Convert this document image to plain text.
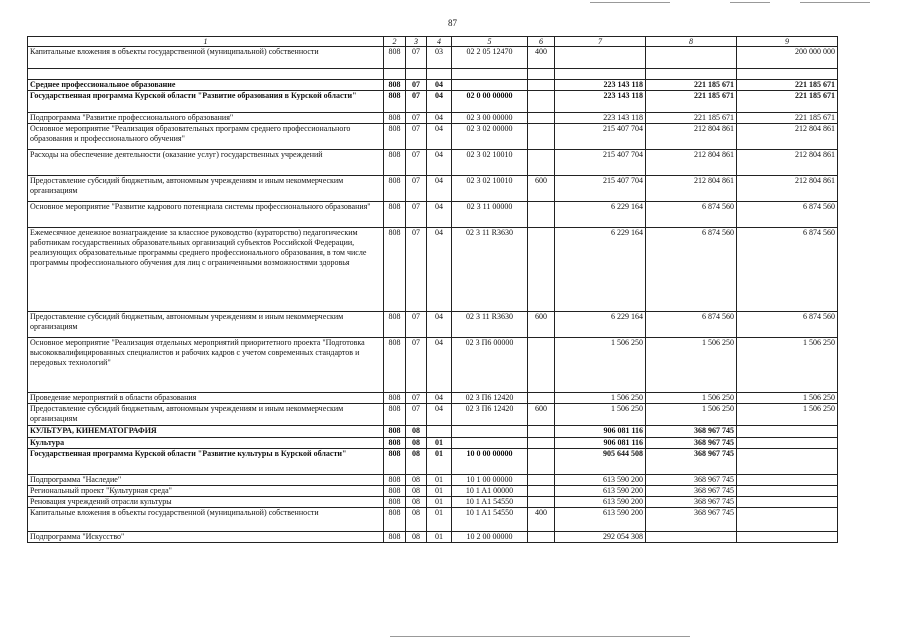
87
1	2	3	4	5	6	7	8	9
Капитальные вложения в объекты государственной (муниципальной) собственности	808	07	03	02 2 05 12470	400			200 000 000

Среднее профессиональное образование	808	07	04			223 143 118	221 185 671	221 185 671
Государственная программа Курской области "Развитие образования в Курской области"	808	07	04	02 0 00 00000		223 143 118	221 185 671	221 185 671
Подпрограмма "Развитие профессионального образования"	808	07	04	02 3 00 00000		223 143 118	221 185 671	221 185 671
Основное мероприятие "Реализация образовательных программ среднего профессионального образования и профессионального обучения"	808	07	04	02 3 02 00000		215 407 704	212 804 861	212 804 861
Расходы на обеспечение деятельности (оказание услуг) государственных учреждений	808	07	04	02 3 02 10010		215 407 704	212 804 861	212 804 861
Предоставление субсидий бюджетным, автономным учреждениям и иным некоммерческим организациям	808	07	04	02 3 02 10010	600	215 407 704	212 804 861	212 804 861
Основное мероприятие "Развитие кадрового потенциала системы профессионального образования"	808	07	04	02 3 11 00000		6 229 164	6 874 560	6 874 560
Ежемесячное денежное вознаграждение за классное руководство (кураторство) педагогическим работникам государственных образовательных организаций субъектов Российской Федерации, реализующих образовательные программы среднего профессионального образования, в том числе программы профессионального обучения для лиц с ограниченными возможностями здоровья	808	07	04	02 3 11 R3630		6 229 164	6 874 560	6 874 560
Предоставление субсидий бюджетным, автономным учреждениям и иным некоммерческим организациям	808	07	04	02 3 11 R3630	600	6 229 164	6 874 560	6 874 560
Основное мероприятие "Реализация отдельных мероприятий приоритетного проекта "Подготовка высококвалифицированных специалистов и рабочих кадров с учетом современных стандартов и передовых технологий"	808	07	04	02 3 П6 00000		1 506 250	1 506 250	1 506 250
Проведение мероприятий в области образования	808	07	04	02 3 П6 12420		1 506 250	1 506 250	1 506 250
Предоставление субсидий бюджетным, автономным учреждениям и иным некоммерческим организациям	808	07	04	02 3 П6 12420	600	1 506 250	1 506 250	1 506 250
КУЛЬТУРА, КИНЕМАТОГРАФИЯ	808	08				906 081 116	368 967 745	
Культура	808	08	01			906 081 116	368 967 745	
Государственная программа Курской области "Развитие культуры в Курской области"	808	08	01	10 0 00 00000		905 644 508	368 967 745	
Подпрограмма "Наследие"	808	08	01	10 1 00 00000		613 590 200	368 967 745	
Региональный проект "Культурная среда"	808	08	01	10 1 A1 00000		613 590 200	368 967 745	
Реновация учреждений отрасли культуры	808	08	01	10 1 A1 54550		613 590 200	368 967 745	
Капитальные вложения в объекты государственной (муниципальной) собственности	808	08	01	10 1 A1 54550	400	613 590 200	368 967 745	
Подпрограмма "Искусство"	808	08	01	10 2 00 00000		292 054 308		
